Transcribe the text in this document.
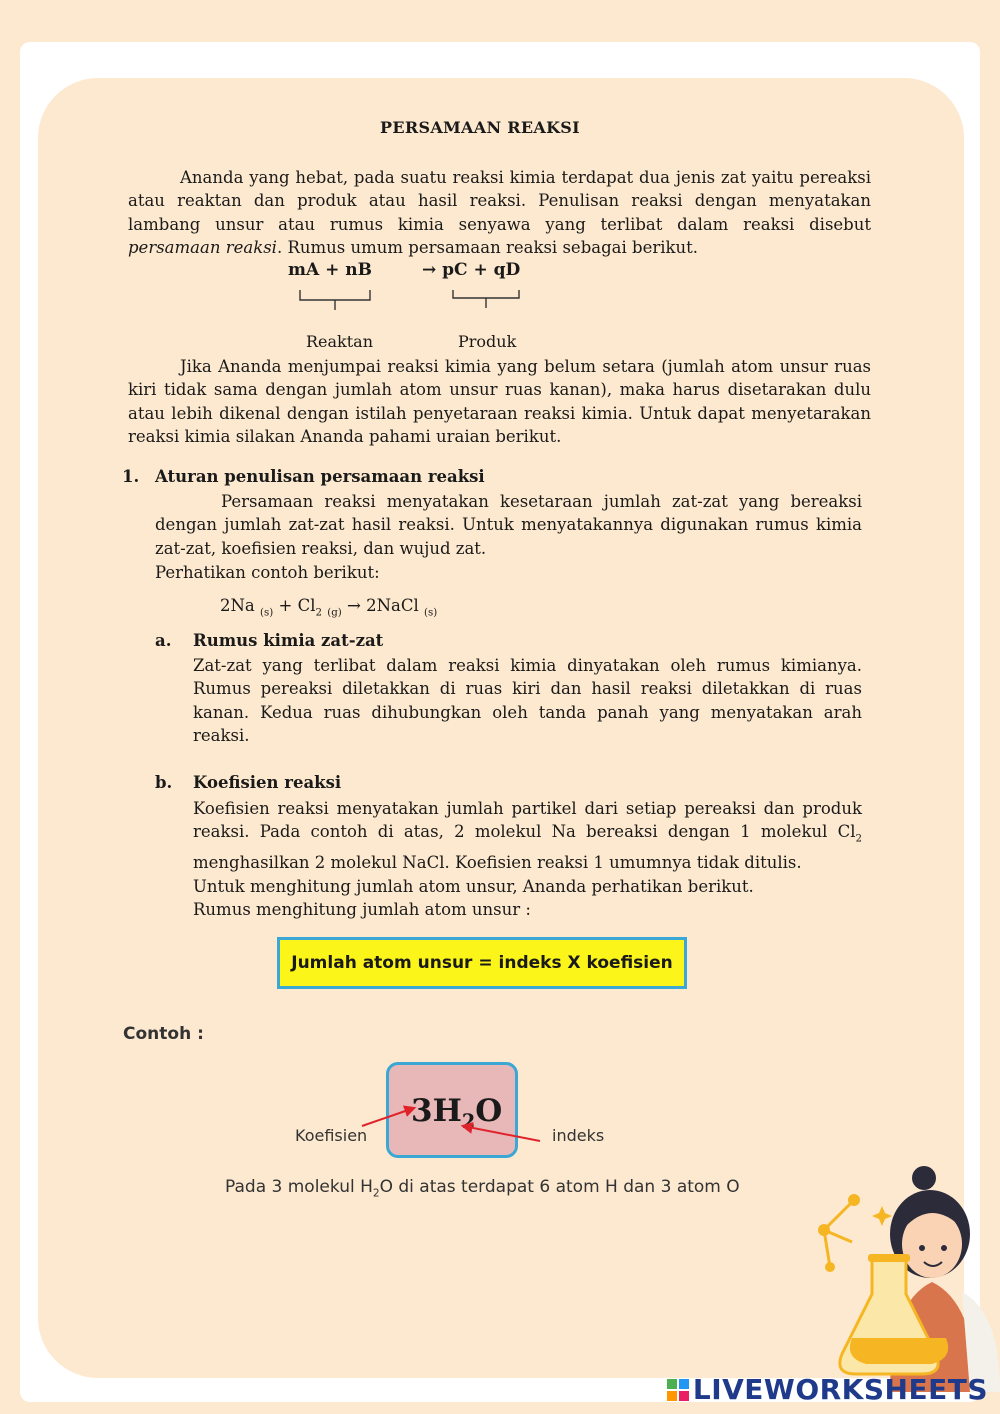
PERSAMAAN REAKSI

Ananda yang hebat, pada suatu reaksi kimia terdapat dua jenis zat yaitu pereaksi atau reaktan dan produk atau hasil reaksi. Penulisan reaksi dengan menyatakan lambang unsur atau rumus kimia senyawa yang terlibat dalam reaksi disebut persamaan reaksi. Rumus umum persamaan reaksi sebagai berikut.

mA + nB	→ pC + qD
Reaktan	Produk

Jika Ananda menjumpai reaksi kimia yang belum setara (jumlah atom unsur ruas kiri tidak sama dengan jumlah atom unsur ruas kanan), maka harus disetarakan dulu atau lebih dikenal dengan istilah penyetaraan reaksi kimia. Untuk dapat menyetarakan reaksi kimia silakan Ananda pahami uraian berikut.

1. Aturan penulisan persamaan reaksi

Persamaan reaksi menyatakan kesetaraan jumlah zat-zat yang bereaksi dengan jumlah zat-zat hasil reaksi. Untuk menyatakannya digunakan rumus kimia zat-zat, koefisien reaksi, dan wujud zat.

Perhatikan contoh berikut:
2Na $_{(s)} + Cl_2$ $_{(g)}$ → 2NaCl $_{(s)}$
a. Rumus kimia zat-zat

Zat-zat yang terlibat dalam reaksi kimia dinyatakan oleh rumus kimianya. Rumus pereaksi diletakkan di ruas kiri dan hasil reaksi diletakkan di ruas kanan. Kedua ruas dihubungkan oleh tanda panah yang menyatakan arah reaksi.

b. Koefisien reaksi

Koefisien reaksi menyatakan jumlah partikel dari setiap pereaksi dan produk reaksi. Pada contoh di atas, 2 molekul Na bereaksi dengan 1 molekul $Cl_2$ menghasilkan 2 molekul NaCl. Koefisien reaksi 1 umumnya tidak ditulis.

Untuk menghitung jumlah atom unsur, Ananda perhatikan berikut.

Rumus menghitung jumlah atom unsur :

Jumlah atom unsur = indeks X koefisien
Contoh :
$3H_2O$
Koefisien	indeks
Pada 3 molekul $H_2O$ di atas terdapat 6 atom H dan 3 atom O
LIVEWORKSHEETS
